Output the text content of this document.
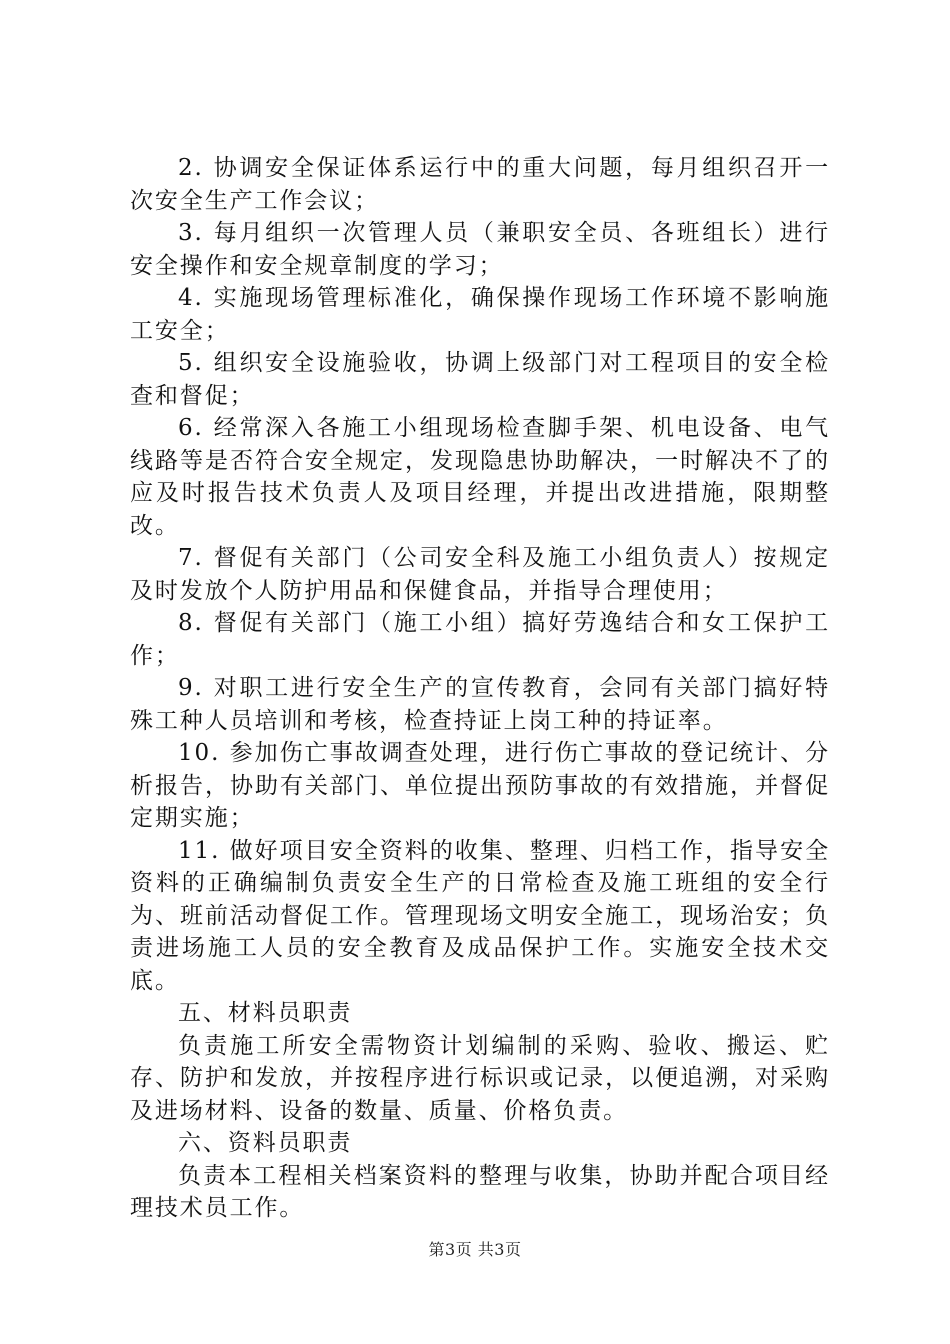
2. 协调安全保证体系运行中的重大问题，每月组织召开一次安全生产工作会议；

3. 每月组织一次管理人员（兼职安全员、各班组长）进行安全操作和安全规章制度的学习；

4. 实施现场管理标准化，确保操作现场工作环境不影响施工安全；

5. 组织安全设施验收，协调上级部门对工程项目的安全检查和督促；

6. 经常深入各施工小组现场检查脚手架、机电设备、电气线路等是否符合安全规定，发现隐患协助解决，一时解决不了的应及时报告技术负责人及项目经理，并提出改进措施，限期整改。

7. 督促有关部门（公司安全科及施工小组负责人）按规定及时发放个人防护用品和保健食品，并指导合理使用；

8. 督促有关部门（施工小组）搞好劳逸结合和女工保护工作；

9. 对职工进行安全生产的宣传教育，会同有关部门搞好特殊工种人员培训和考核，检查持证上岗工种的持证率。

10. 参加伤亡事故调查处理，进行伤亡事故的登记统计、分析报告，协助有关部门、单位提出预防事故的有效措施，并督促定期实施；

11. 做好项目安全资料的收集、整理、归档工作，指导安全资料的正确编制负责安全生产的日常检查及施工班组的安全行为、班前活动督促工作。管理现场文明安全施工，现场治安；负责进场施工人员的安全教育及成品保护工作。实施安全技术交底。

五、材料员职责

负责施工所安全需物资计划编制的采购、验收、搬运、贮存、防护和发放，并按程序进行标识或记录，以便追溯，对采购及进场材料、设备的数量、质量、价格负责。

六、资料员职责

负责本工程相关档案资料的整理与收集，协助并配合项目经理技术员工作。

第3页 共3页
